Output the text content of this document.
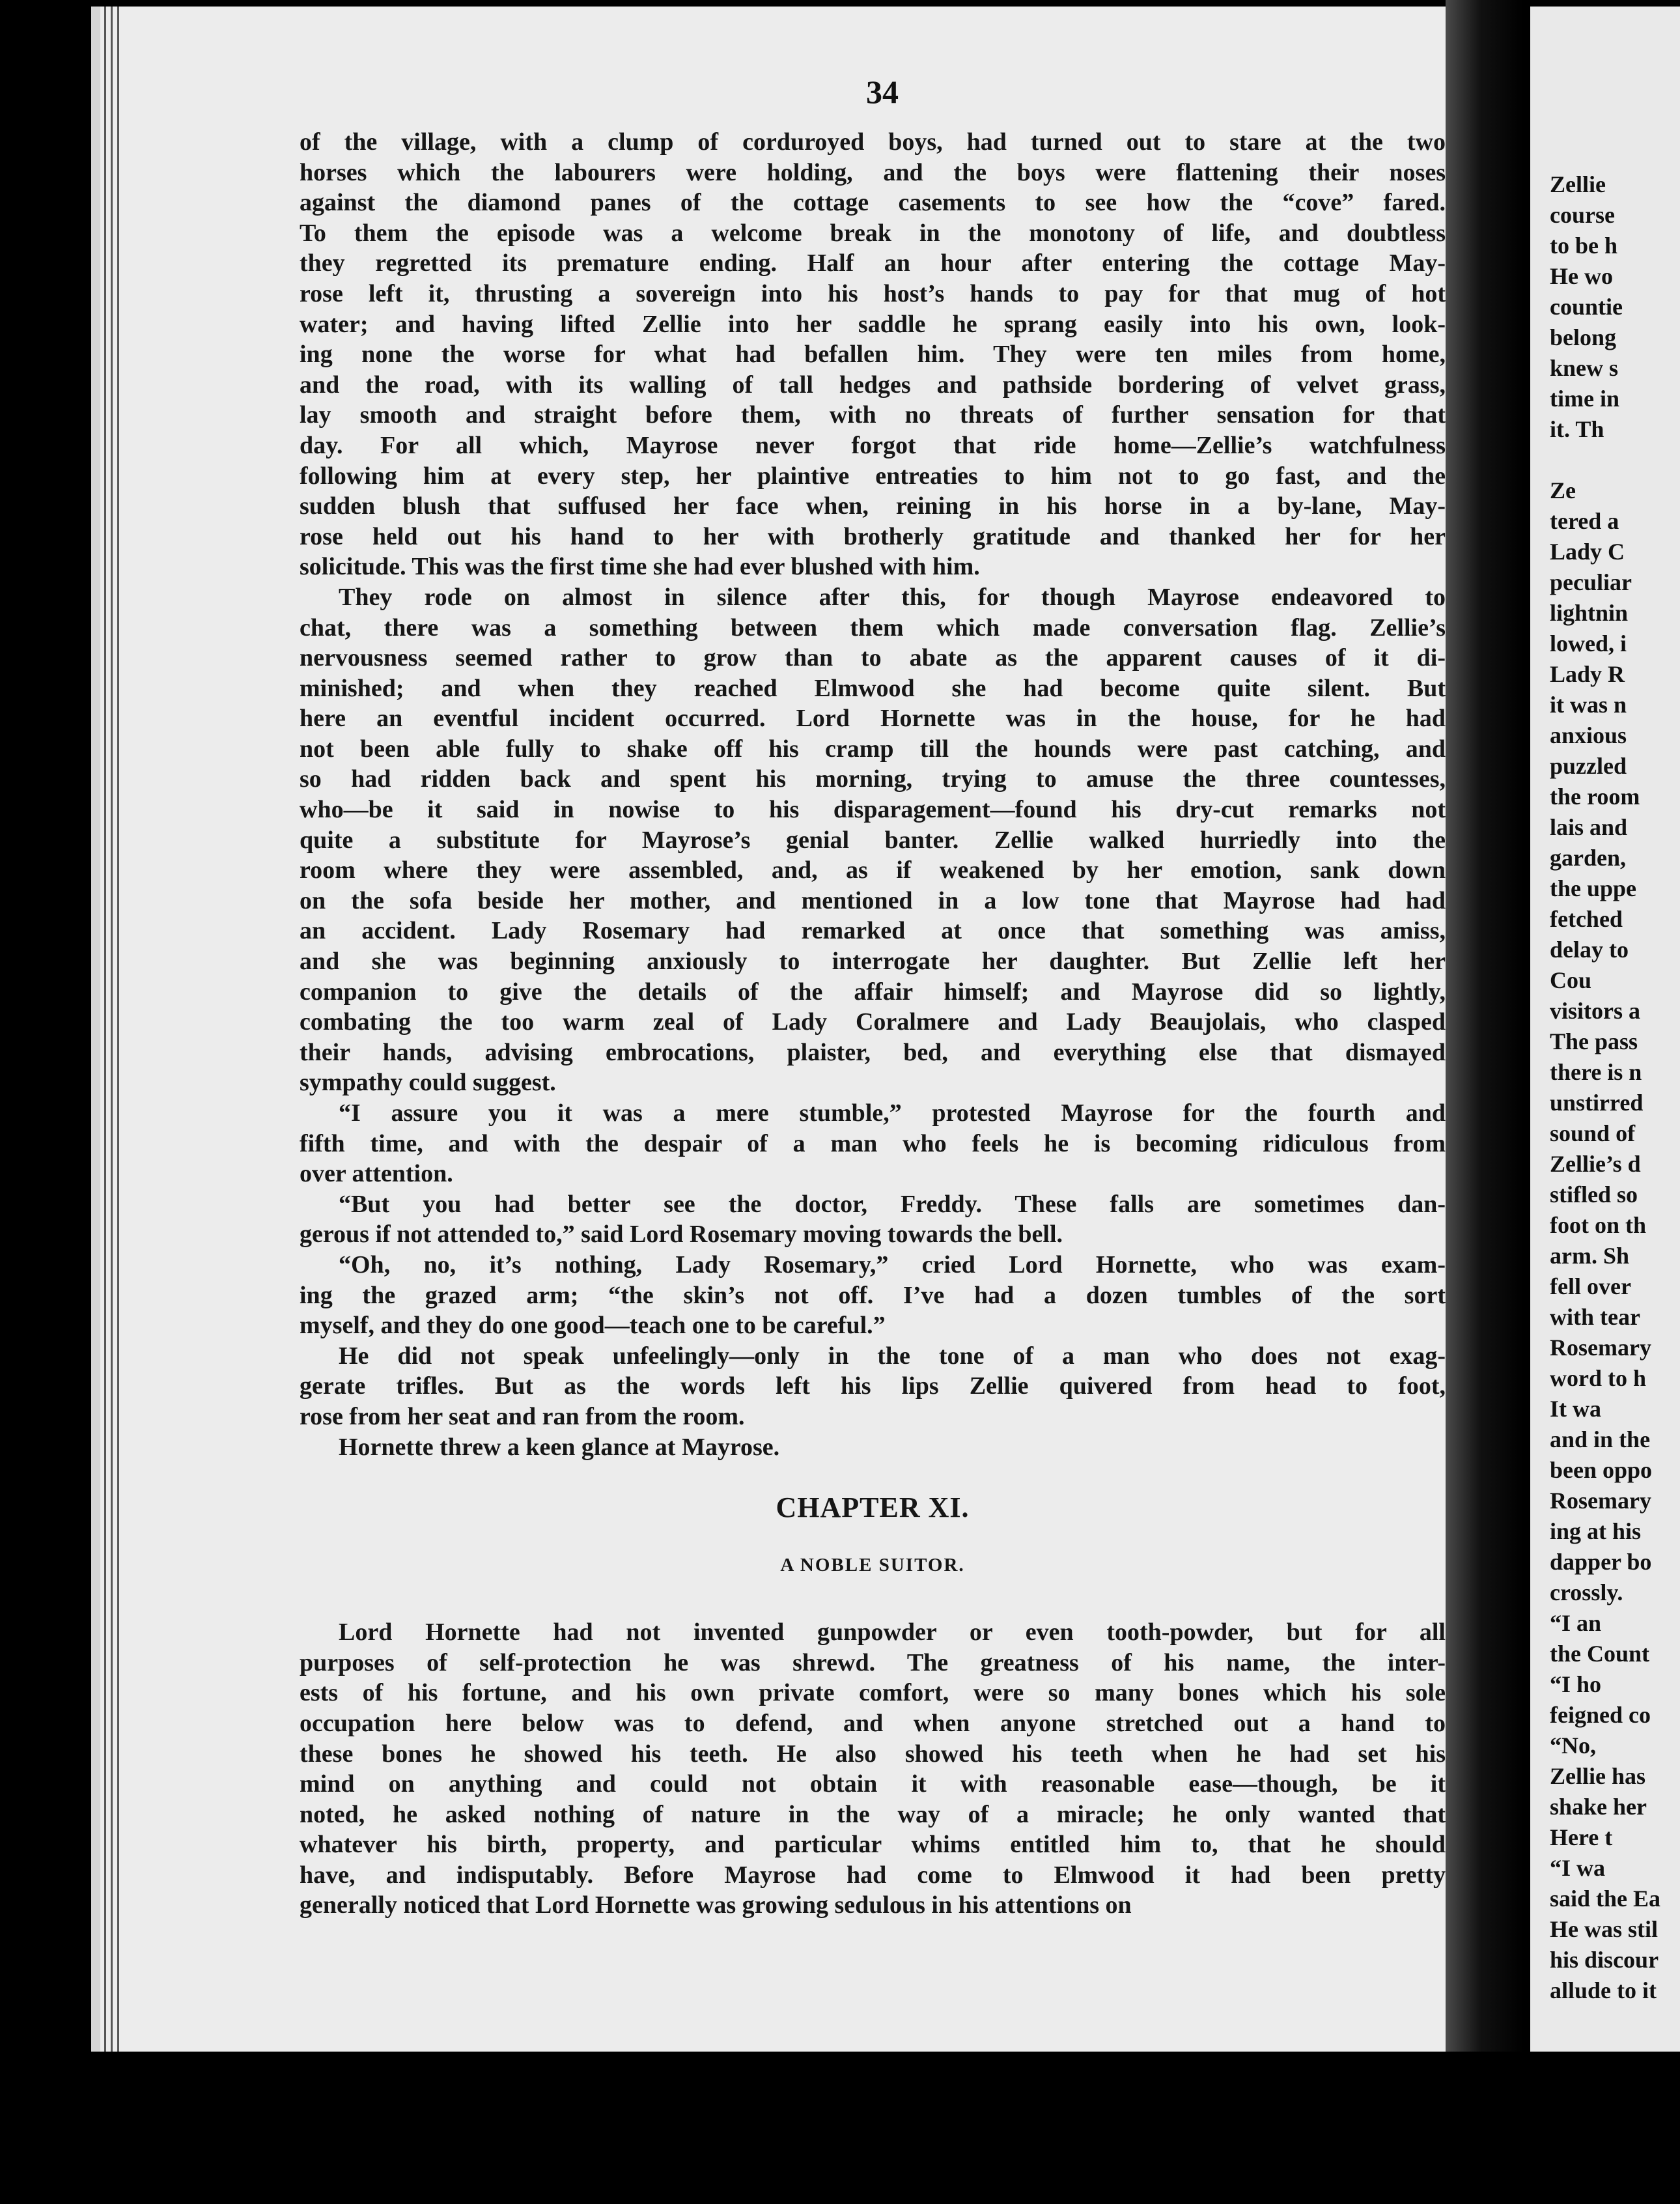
Zellie
course
to be h
He wo
countie
belong
knew s
time in
it. Th
Ze
tered a
Lady C
peculiar
lightnin
lowed, i
Lady R
it was n
anxious
puzzled
the room
lais and
garden,
the uppe
fetched
delay to
Cou
visitors a
The pass
there is n
unstirred
sound of
Zellie’s d
stifled so
foot on th
arm. Sh
fell over
with tear
Rosemary
word to h
It wa
and in the
been oppo
Rosemary
ing at his
dapper bo
crossly.
“I an
the Count
“I ho
feigned co
“No,
Zellie has
shake her
Here t
“I wa
said the Ea
He was stil
his discour
allude to it
34
of the village, with a clump of corduroyed boys, had turned out to stare at the two
horses which the labourers were holding, and the boys were flattening their noses
against the diamond panes of the cottage casements to see how the “cove” fared.
To them the episode was a welcome break in the monotony of life, and doubtless
they regretted its premature ending. Half an hour after entering the cottage May-
rose left it, thrusting a sovereign into his host’s hands to pay for that mug of hot
water; and having lifted Zellie into her saddle he sprang easily into his own, look-
ing none the worse for what had befallen him. They were ten miles from home,
and the road, with its walling of tall hedges and pathside bordering of velvet grass,
lay smooth and straight before them, with no threats of further sensation for that
day. For all which, Mayrose never forgot that ride home—Zellie’s watchfulness
following him at every step, her plaintive entreaties to him not to go fast, and the
sudden blush that suffused her face when, reining in his horse in a by-lane, May-
rose held out his hand to her with brotherly gratitude and thanked her for her
solicitude. This was the first time she had ever blushed with him.
They rode on almost in silence after this, for though Mayrose endeavored to
chat, there was a something between them which made conversation flag. Zellie’s
nervousness seemed rather to grow than to abate as the apparent causes of it di-
minished; and when they reached Elmwood she had become quite silent. But
here an eventful incident occurred. Lord Hornette was in the house, for he had
not been able fully to shake off his cramp till the hounds were past catching, and
so had ridden back and spent his morning, trying to amuse the three countesses,
who—be it said in nowise to his disparagement—found his dry-cut remarks not
quite a substitute for Mayrose’s genial banter. Zellie walked hurriedly into the
room where they were assembled, and, as if weakened by her emotion, sank down
on the sofa beside her mother, and mentioned in a low tone that Mayrose had had
an accident. Lady Rosemary had remarked at once that something was amiss,
and she was beginning anxiously to interrogate her daughter. But Zellie left her
companion to give the details of the affair himself; and Mayrose did so lightly,
combating the too warm zeal of Lady Coralmere and Lady Beaujolais, who clasped
their hands, advising embrocations, plaister, bed, and everything else that dismayed
sympathy could suggest.
“I assure you it was a mere stumble,” protested Mayrose for the fourth and
fifth time, and with the despair of a man who feels he is becoming ridiculous from
over attention.
“But you had better see the doctor, Freddy. These falls are sometimes dan-
gerous if not attended to,” said Lord Rosemary moving towards the bell.
“Oh, no, it’s nothing, Lady Rosemary,” cried Lord Hornette, who was exam-
ing the grazed arm; “the skin’s not off. I’ve had a dozen tumbles of the sort
myself, and they do one good—teach one to be careful.”
He did not speak unfeelingly—only in the tone of a man who does not exag-
gerate trifles. But as the words left his lips Zellie quivered from head to foot,
rose from her seat and ran from the room.
Hornette threw a keen glance at Mayrose.
CHAPTER XI.
A NOBLE SUITOR.
Lord Hornette had not invented gunpowder or even tooth-powder, but for all
purposes of self-protection he was shrewd. The greatness of his name, the inter-
ests of his fortune, and his own private comfort, were so many bones which his sole
occupation here below was to defend, and when anyone stretched out a hand to
these bones he showed his teeth. He also showed his teeth when he had set his
mind on anything and could not obtain it with reasonable ease—though, be it
noted, he asked nothing of nature in the way of a miracle; he only wanted that
whatever his birth, property, and particular whims entitled him to, that he should
have, and indisputably. Before Mayrose had come to Elmwood it had been pretty
generally noticed that Lord Hornette was growing sedulous in his attentions on
